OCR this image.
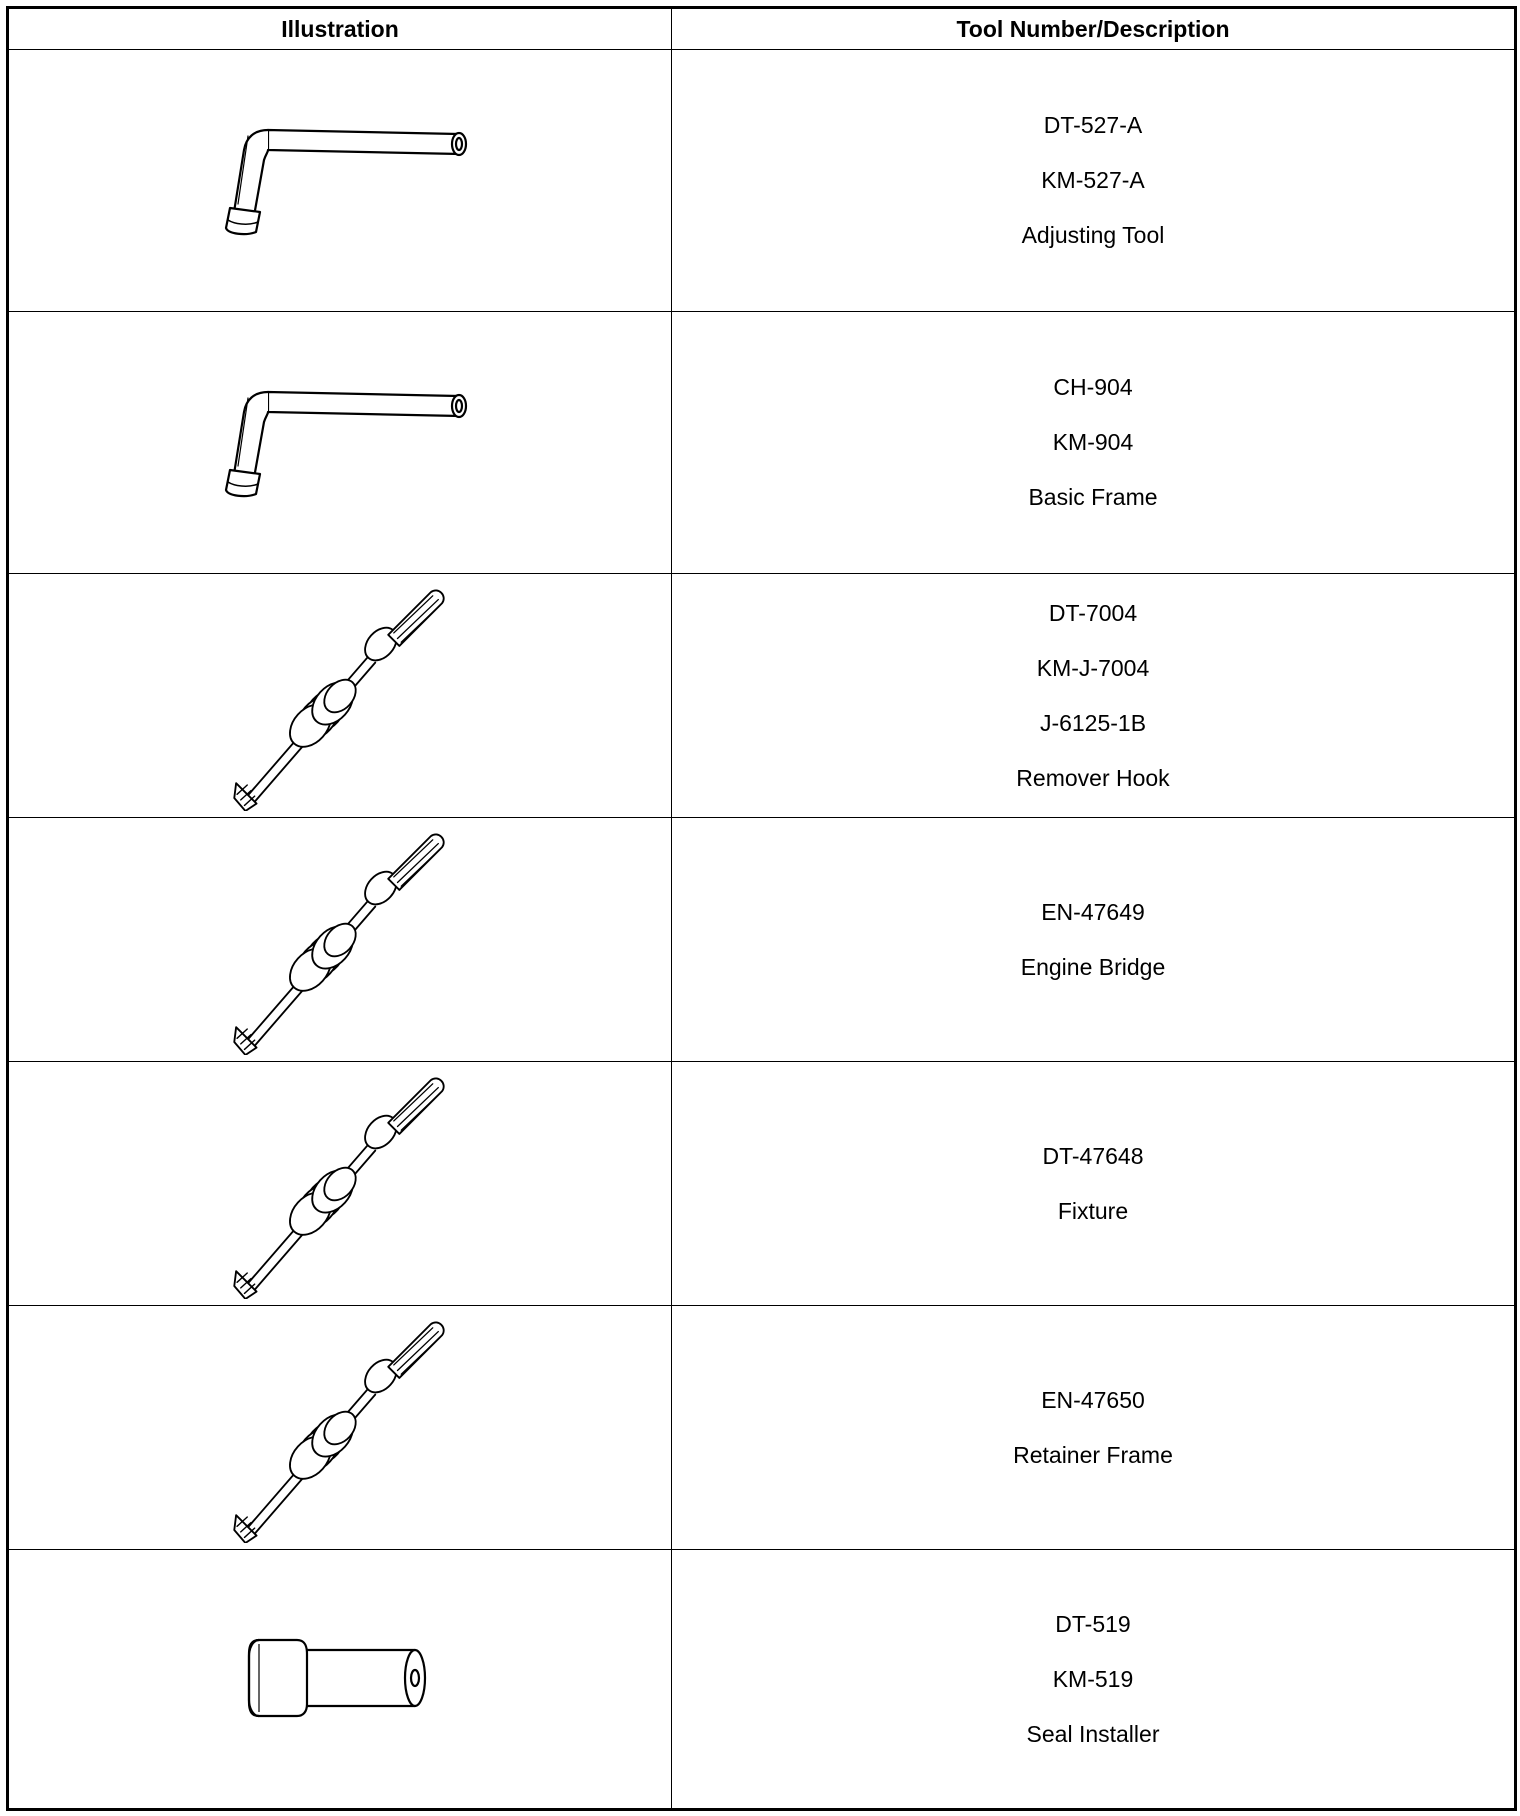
Illustration	Tool Number/Description

DT-527-A
KM-527-A
Adjusting Tool

CH-904
KM-904
Basic Frame

DT-7004
KM-J-7004
J-6125-1B
Remover Hook

EN-47649
Engine Bridge

DT-47648
Fixture

EN-47650
Retainer Frame

DT-519
KM-519
Seal Installer
